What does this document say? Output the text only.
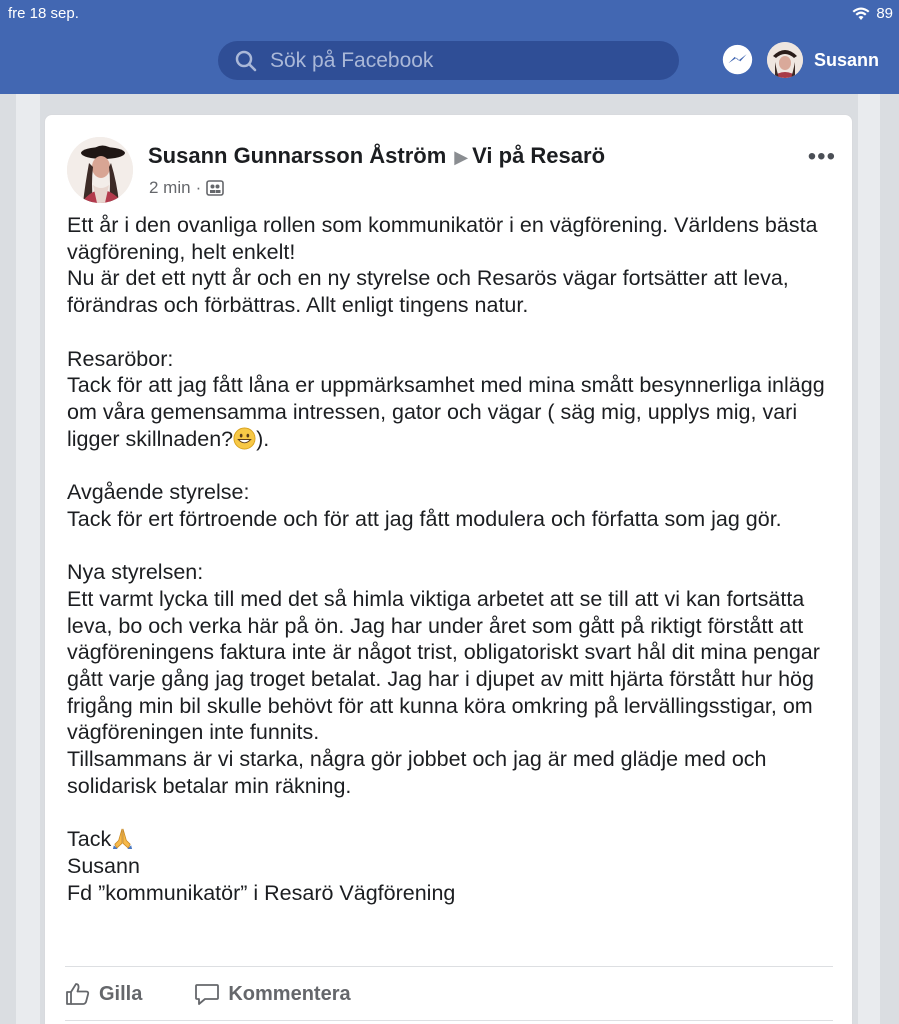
fre 18 sep.	89
Sök på Facebook
Susann
Susann Gunnarsson Åström ▶ Vi på Resarö
2 min ·
•••
Ett år i den ovanliga rollen som kommunikatör i en vägförening. Världens bästa vägförening, helt enkelt!
Nu är det ett nytt år och en ny styrelse och Resarös vägar fortsätter att leva, förändras och förbättras. Allt enligt tingens natur.

Resaröbor:
Tack för att jag fått låna er uppmärksamhet med mina smått besynnerliga inlägg om våra gemensamma intressen, gator och vägar ( säg mig, upplys mig, vari ligger skillnaden? ).

Avgående styrelse:
Tack för ert förtroende och för att jag fått modulera och författa som jag gör.

Nya styrelsen:
Ett varmt lycka till med det så himla viktiga arbetet att se till att vi kan fortsätta leva, bo och verka här på ön. Jag har under året som gått på riktigt förstått att vägföreningens faktura inte är något trist, obligatoriskt svart hål dit mina pengar gått varje gång jag troget betalat. Jag har i djupet av mitt hjärta förstått hur hög frigång min bil skulle behövt för att kunna köra omkring på lervällingsstigar, om vägföreningen inte funnits.
Tillsammans är vi starka, några gör jobbet och jag är med glädje med och solidarisk betalar min räkning.

Tack
Susann
Fd ”kommunikatör” i Resarö Vägförening
Gilla	Kommentera
